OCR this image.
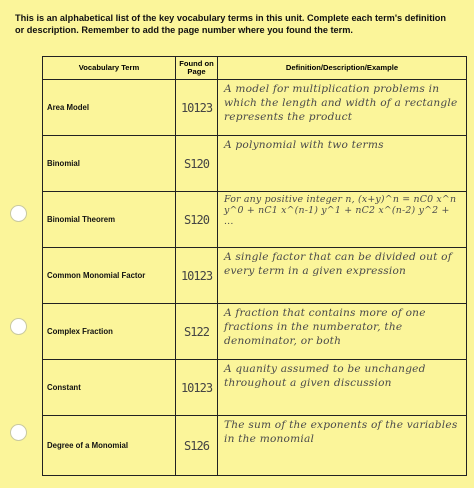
This is an alphabetical list of the key vocabulary terms in this unit. Complete each term's definition or description. Remember to add the page number where you found the term.
Vocabulary Term	Found on Page	Definition/Description/Example
Area Model	10123	A model for multiplication problems in which the length and width of a rectangle represents the product
Binomial	S120	A polynomial with two terms
Binomial Theorem	S120	For any positive integer n, (x+y)^n = nC0 x^n y^0 + nC1 x^(n-1) y^1 + nC2 x^(n-2) y^2 + ...
Common Monomial Factor	10123	A single factor that can be divided out of every term in a given expression
Complex Fraction	S122	A fraction that contains more of one fractions in the numberator, the denominator, or both
Constant	10123	A quanity assumed to be unchanged throughout a given discussion
Degree of a Monomial	S126	The sum of the exponents of the variables in the monomial
